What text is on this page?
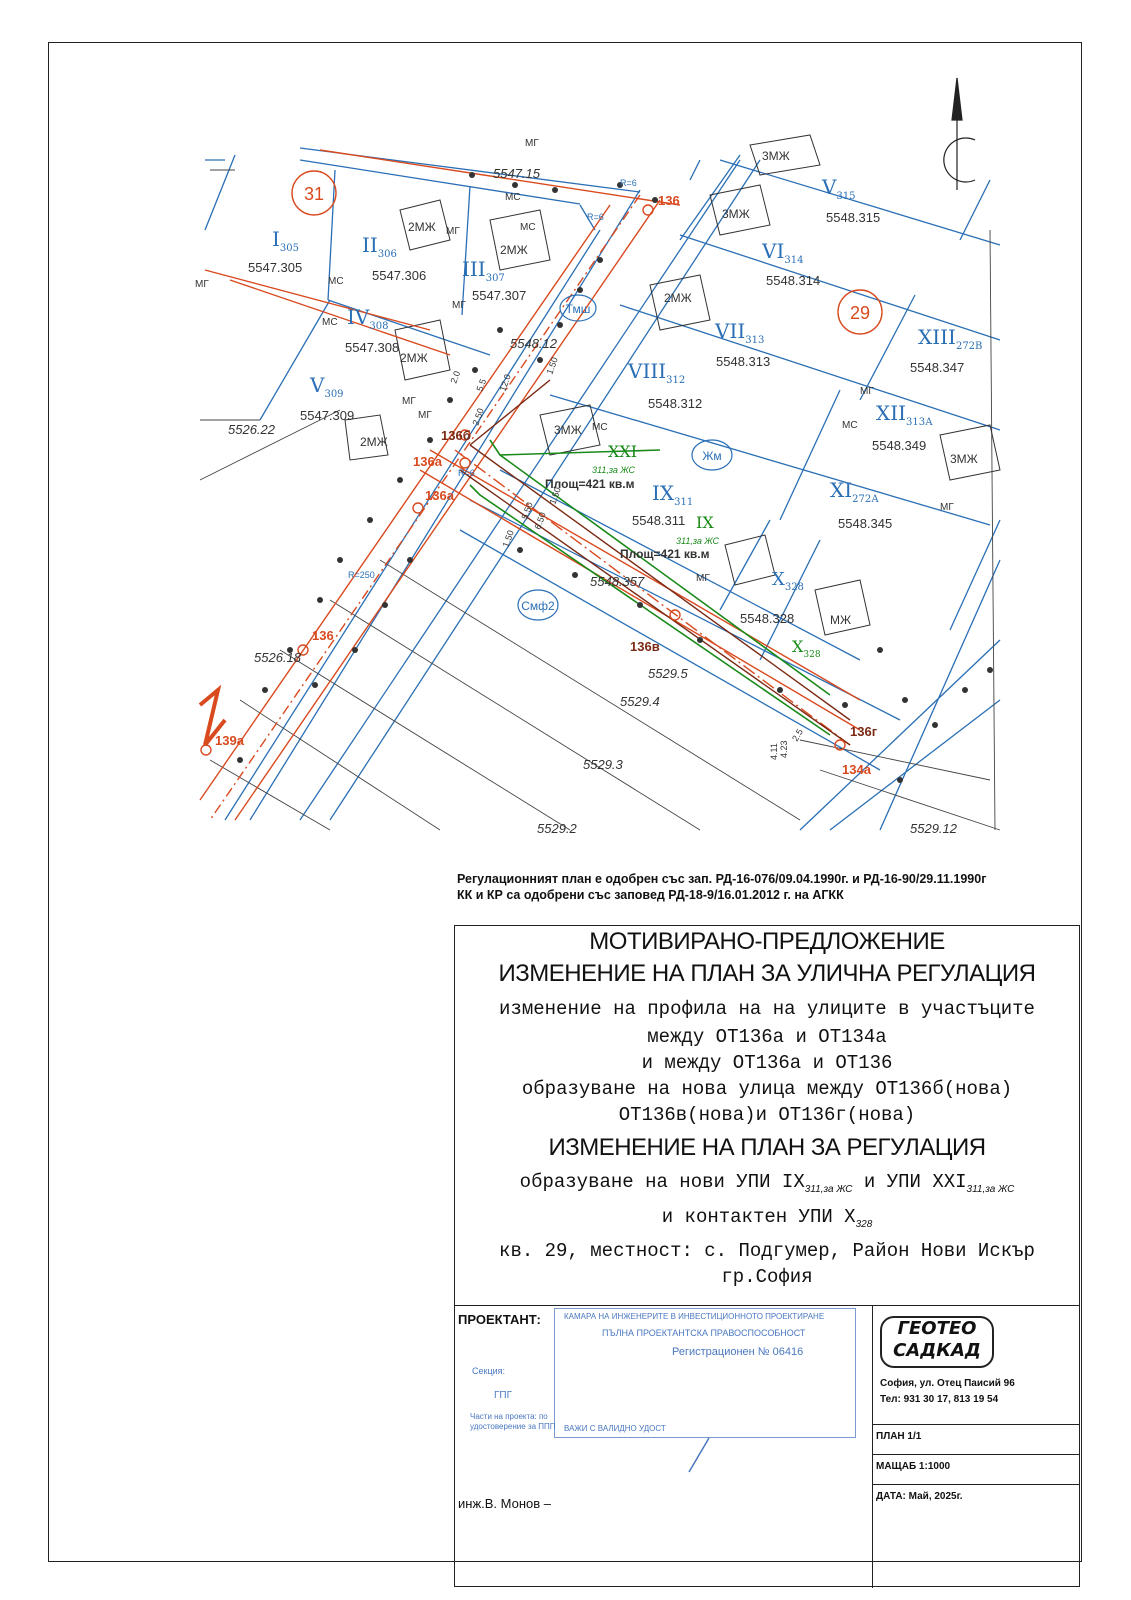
31
29
Тмш
Жм
Смф2
$I_{305}$
5547.305
$II_{306}$
5547.306 $III_{307}$
5547.307
$IV_{308}$
5547.308
$V_{309}$
5547.309
$V_{315}$
5548.315
$VI_{314}$
5548.314
$VII_{313}$
5548.313
$VIII_{312}$
5548.312
$XIII_{272В}$
5548.347
$XII_{313А}$
5548.349
$XI_{272А}$
5548.345
$IX_{311}$
5548.311
$X_{328}$
5548.328
5547.15
5548.12
5548.357
5529.5
5526.22
5526.18
5529.4
5529.3
5529.2	5529.12
2МЖ
2МЖ
2МЖ
2МЖ
3МЖ
3МЖ
2МЖ
3МЖ
3МЖ
МЖ
МГ
МС
МС
МГ
МГ
МС
МГ
МС
МГ
МГ
МС
МГ
МС
МГ
МГ
136
136а
136б
136в
136г
136а
136
139а
134а
R=6
R=6
R=250
R=6
XXI
311,за ЖС
IX
311,за ЖС
$X_{328}$
Площ=421 кв.м
Площ=421 кв.м
1.50
5.50
6.50
1.50
2.0
5.5 12.0
1.50
2.50
4.23
4.11
2.5
Регулационният план е одобрен със зап. РД-16-076/09.04.1990г. и РД-16-90/29.11.1990г
КК и КР са одобрени със заповед РД-18-9/16.01.2012 г. на АГКК
МОТИВИРАНО-ПРЕДЛОЖЕНИЕ
ИЗМЕНЕНИЕ НА ПЛАН ЗА УЛИЧНА РЕГУЛАЦИЯ
изменение на профила на на улиците в участъците
между ОТ136а и ОТ134а
и между ОТ136а и ОТ136
образуване на нова улица между ОТ136б(нова)
ОТ136в(нова)и ОТ136г(нова)
ИЗМЕНЕНИЕ НА ПЛАН ЗА РЕГУЛАЦИЯ
образуване на нови УПИ $IX_{311,за ЖС}$ и УПИ $XXI_{311,за ЖС}$
и контактен УПИ $X_{328}$
кв. 29, местност: с. Подгумер, Район Нови Искър
гр.София
ПРОЕКТАНТ:	КАМАРА НА ИНЖЕНЕРИТЕ В ИНВЕСТИЦИОННОТО ПРОЕКТИРАНЕ
ПЪЛНА ПРОЕКТАНТСКА ПРАВОСПОСОБНОСТ
Регистрационен № 06416
Секция:
ГПГ
Части на проекта: по удостоверение за ППП	ВАЖИ С ВАЛИДНО УДОСТ
инж.В. Монов –
ГЕОТЕО
САДКАД
София, ул. Отец Паисий 96
Тел: 931 30 17, 813 19 54
ПЛАН 1/1
МАЩАБ 1:1000
ДАТА: Май, 2025г.
